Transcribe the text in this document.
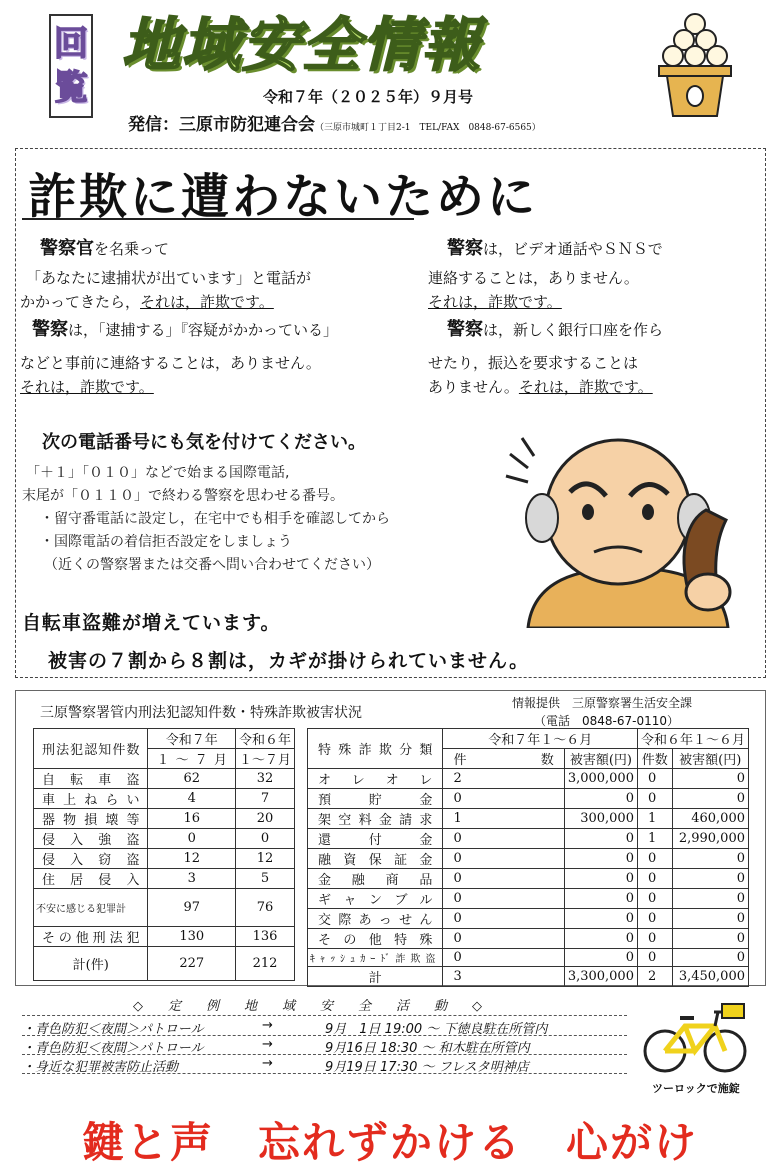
回
覧
地域安全情報
令和７年（２０２５年）９月号
発信：三原市防犯連合会（三原市城町１丁目2-1　TEL/FAX　0848-67-6565）
詐欺に遭わないために
警察官を名乗って
「あなたに逮捕状が出ています」と電話が
かかってきたら，それは，詐欺です。
警察は，「逮捕する」『容疑がかかっている」
などと事前に連絡することは，ありません。
それは，詐欺です。
警察は，ビデオ通話やＳＮＳで
連絡することは，ありません。
それは，詐欺です。
警察は，新しく銀行口座を作ら
せたり，振込を要求することは
ありません。それは，詐欺です。
次の電話番号にも気を付けてください。
「＋１」「０１０」などで始まる国際電話,
末尾が「０１１０」で終わる警察を思わせる番号。
・留守番電話に設定し，在宅中でも相手を確認してから
・国際電話の着信拒否設定をしましょう
（近くの警察署または交番へ問い合わせてください）
自転車盗難が増えています。
被害の７割から８割は，カギが掛けられていません。
三原警察署管内刑法犯認知件数・特殊詐欺被害状況
情報提供　三原警察署生活安全課
（電話　0848-67-0110）
刑法犯認知件数	令和７年	令和６年
	１～７月	１～７月
自転車盗	62	32
車上ねらい	4	7
器物損壊等	16	20
侵入強盗	0	0
侵入窃盗	12	12
住居侵入	3	5
不安に感じる犯罪計	97	76
その他刑法犯	130	136
計(件)	227	212
特殊詐欺分類	令和７年１～６月		令和６年１～６月	
	件数	被害額(円)	件数	被害額(円)
オレオレ	2	3,000,000	0	0
預貯金	0	0	0	0
架空料金請求	1	300,000	1	460,000
還付金	0	0	1	2,990,000
融資保証金	0	0	0	0
金融商品	0	0	0	0
ギャンブル	0	0	0	0
交際あっせん	0	0	0	0
その他特殊	0	0	0	0
ｷｬｯｼｭｶｰﾄﾞ詐欺盗	0	0	0	0
計	3	3,300,000	2	3,450,000
◇　定　例　地　域　安　全　活　動　◇
・青色防犯＜夜間＞パトロール	→	9月　1日 19:00 ～ 下徳良駐在所管内
・青色防犯＜夜間＞パトロール	→	9月16日 18:30 ～ 和木駐在所管内
・身近な犯罪被害防止活動	→	9月19日 17:30 ～ フレスタ明神店
ツーロックで施錠
鍵と声　忘れずかける　心がけ
